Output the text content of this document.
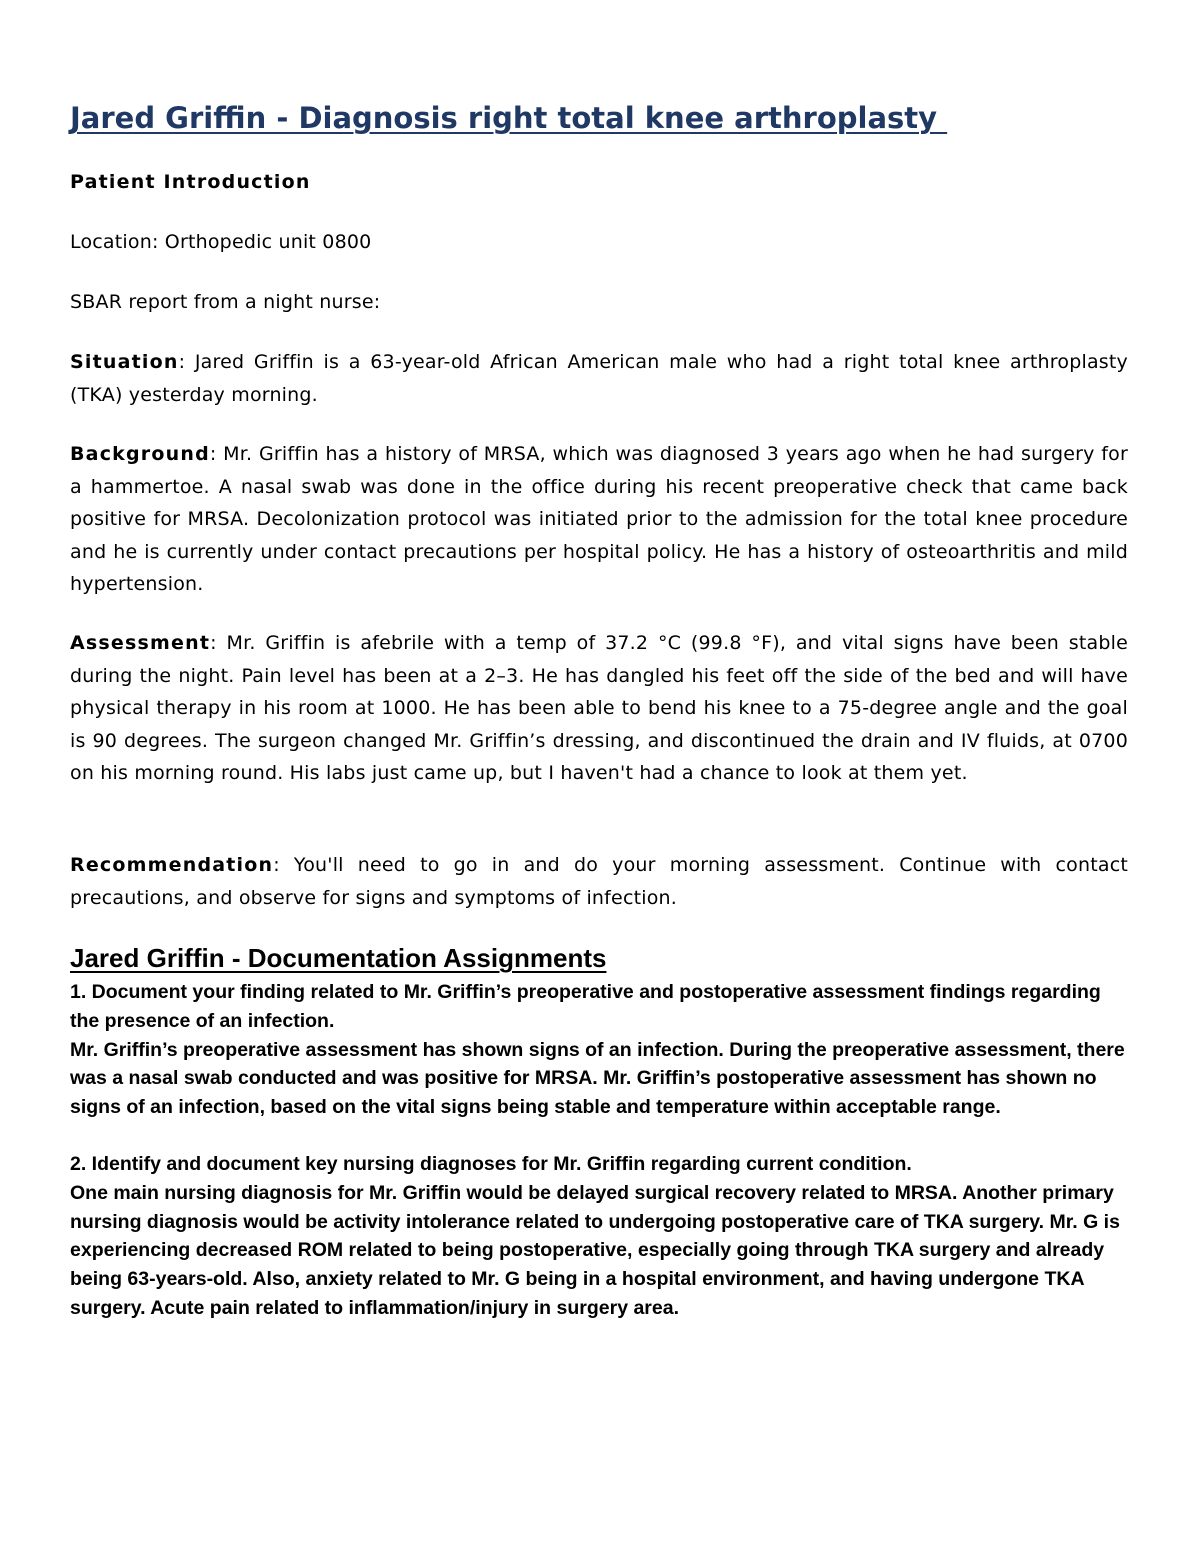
Jared Griffin - Diagnosis right total knee arthroplasty

Patient Introduction

Location: Orthopedic unit 0800

SBAR report from a night nurse:

Situation: Jared Griffin is a 63-year-old African American male who had a right total knee arthroplasty (TKA) yesterday morning.

Background: Mr. Griffin has a history of MRSA, which was diagnosed 3 years ago when he had surgery for a hammertoe. A nasal swab was done in the office during his recent preoperative check that came back positive for MRSA. Decolonization protocol was initiated prior to the admission for the total knee procedure and he is currently under contact precautions per hospital policy. He has a history of osteoarthritis and mild hypertension.

Assessment: Mr. Griffin is afebrile with a temp of 37.2 °C (99.8 °F), and vital signs have been stable during the night. Pain level has been at a 2–3. He has dangled his feet off the side of the bed and will have physical therapy in his room at 1000. He has been able to bend his knee to a 75-degree angle and the goal is 90 degrees. The surgeon changed Mr. Griffin’s dressing, and discontinued the drain and IV fluids, at 0700 on his morning round. His labs just came up, but I haven't had a chance to look at them yet.

Recommendation: You'll need to go in and do your morning assessment. Continue with contact precautions, and observe for signs and symptoms of infection.

Jared Griffin - Documentation Assignments
1. Document your finding related to Mr. Griffin’s preoperative and postoperative assessment findings regarding the presence of an infection.
Mr. Griffin’s preoperative assessment has shown signs of an infection. During the preoperative assessment, there was a nasal swab conducted and was positive for MRSA. Mr. Griffin’s postoperative assessment has shown no signs of an infection, based on the vital signs being stable and temperature within acceptable range.
2. Identify and document key nursing diagnoses for Mr. Griffin regarding current condition.
One main nursing diagnosis for Mr. Griffin would be delayed surgical recovery related to MRSA. Another primary nursing diagnosis would be activity intolerance related to undergoing postoperative care of TKA surgery. Mr. G is experiencing decreased ROM related to being postoperative, especially going through TKA surgery and already being 63-years-old. Also, anxiety related to Mr. G being in a hospital environment, and having undergone TKA surgery. Acute pain related to inflammation/injury in surgery area.
